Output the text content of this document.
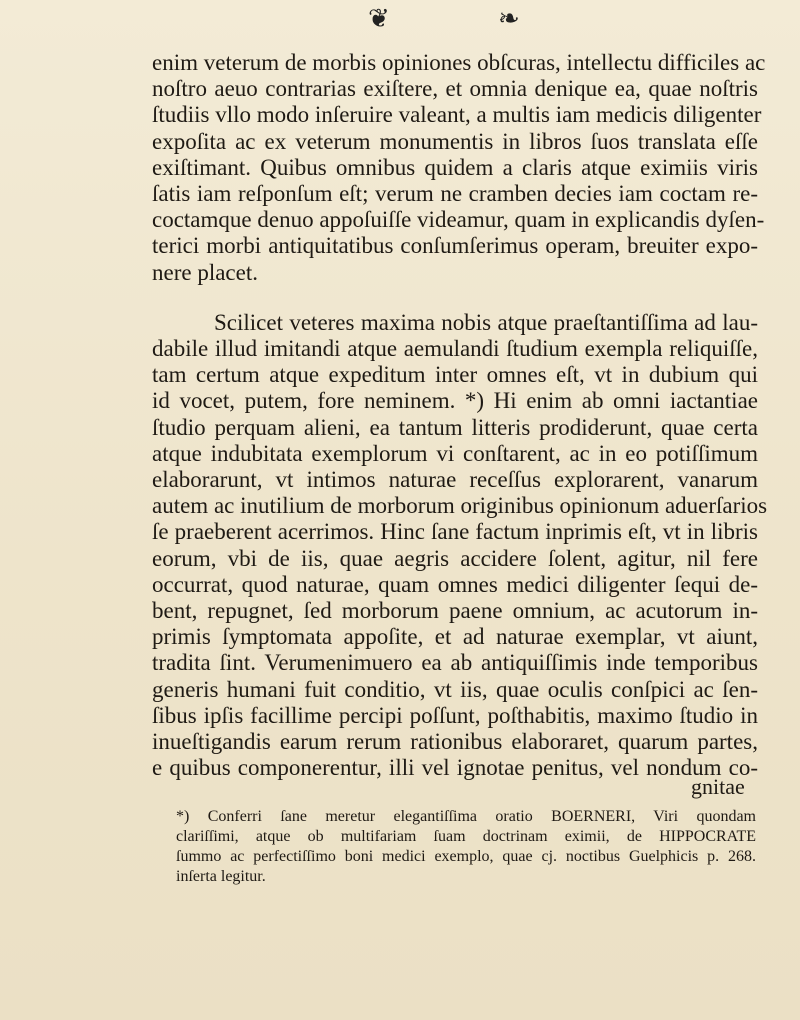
❦	❧
enim veterum de morbis opiniones obſcuras, intellectu difficiles ac
noſtro aeuo contrarias exiſtere, et omnia denique ea, quae noſtris
ſtudiis vllo modo inſeruire valeant, a multis iam medicis diligenter
expoſita ac ex veterum monumentis in libros ſuos translata eſſe
exiſtimant. Quibus omnibus quidem a claris atque eximiis viris
ſatis iam reſponſum eſt; verum ne cramben decies iam coctam re-
coctamque denuo appoſuiſſe videamur, quam in explicandis dyſen-
terici morbi antiquitatibus conſumſerimus operam, breuiter expo-
nere placet.
Scilicet veteres maxima nobis atque praeſtantiſſima ad lau-
dabile illud imitandi atque aemulandi ſtudium exempla reliquiſſe,
tam certum atque expeditum inter omnes eſt, vt in dubium qui
id vocet, putem, fore neminem. *) Hi enim ab omni iactantiae
ſtudio perquam alieni, ea tantum litteris prodiderunt, quae certa
atque indubitata exemplorum vi conſtarent, ac in eo potiſſimum
elaborarunt, vt intimos naturae receſſus explorarent, vanarum
autem ac inutilium de morborum originibus opinionum aduerſarios
ſe praeberent acerrimos. Hinc ſane factum inprimis eſt, vt in libris
eorum, vbi de iis, quae aegris accidere ſolent, agitur, nil fere
occurrat, quod naturae, quam omnes medici diligenter ſequi de-
bent, repugnet, ſed morborum paene omnium, ac acutorum in-
primis ſymptomata appoſite, et ad naturae exemplar, vt aiunt,
tradita ſint. Verumenimuero ea ab antiquiſſimis inde temporibus
generis humani fuit conditio, vt iis, quae oculis conſpici ac ſen-
ſibus ipſis facillime percipi poſſunt, poſthabitis, maximo ſtudio in
inueſtigandis earum rerum rationibus elaboraret, quarum partes,
e quibus componerentur, illi vel ignotae penitus, vel nondum co-
gnitae
*) Conferri ſane meretur elegantiſſima oratio BOERNERI, Viri quondam
clariſſimi, atque ob multifariam ſuam doctrinam eximii, de HIPPOCRATE
ſummo ac perfectiſſimo boni medici exemplo, quae cj. noctibus Guelphicis p. 268.
inſerta legitur.
